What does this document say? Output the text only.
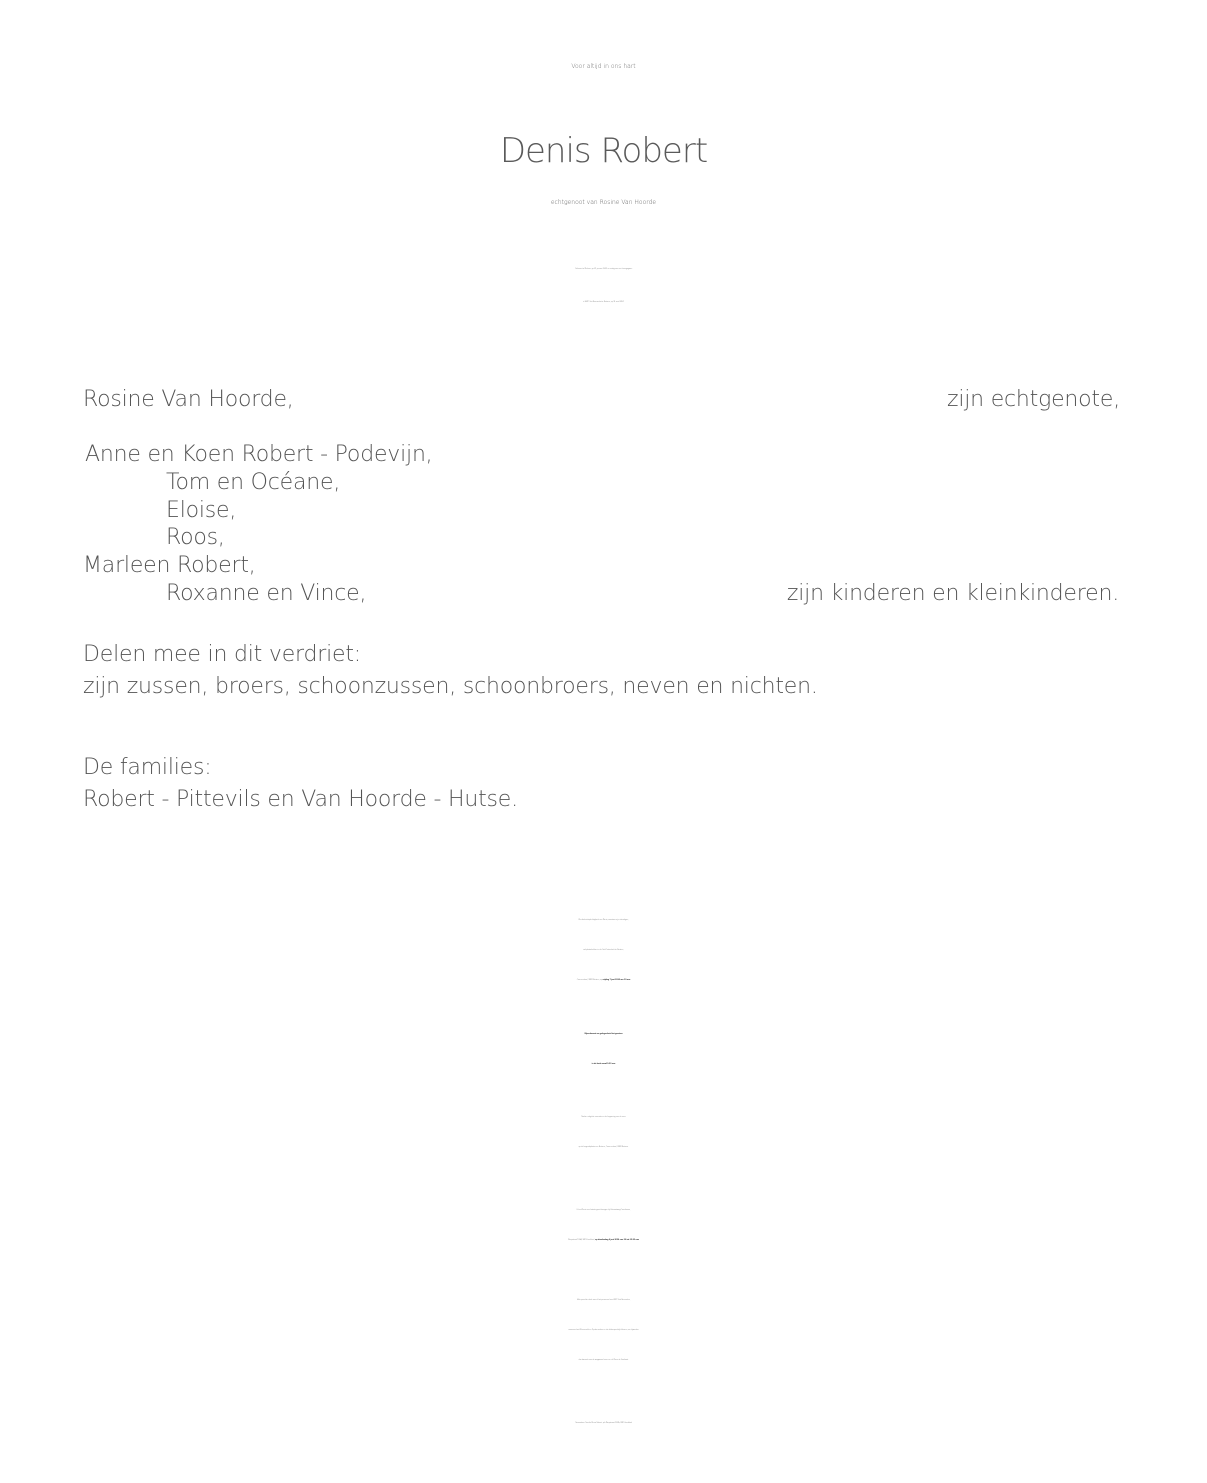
Voor altijd in ons hart
Denis Robert
echtgenoot van Rosine Van Hoorde
Geboren te Zichem, op 21 januari 1934 en rustig van ons heengegaan
in WZC Sint-Bernardus te Bertem, op 31 mei 2024.
Rosine Van Hoorde,	zijn echtgenote,
Anne en Koen Robert - Podevijn,
Tom en Océane,
Eloise,
Roos,
Marleen Robert,
Roxanne en Vince,	zijn kinderen en kleinkinderen.
Delen mee in dit verdriet:
zijn zussen, broers, schoonzussen, schoonbroers, neven en nichten.
De families:
Robert - Pittevils en Van Hoorde - Hutse.
De afscheidsplechtigheid van Denis, waartoe wij u uitnodigen,
zal plaatshebben in de Sint-Pieterskerk te Bertem,
Groenendaal, 3060 Bertem, op vrijdag 7 juni 2024 om 10 uur.
Bijeenkomst en gelegenheid tot groeten
in de kerk vanaf 9.30 uur.
Nadien volgt de crematie en de begraving van de urne
op de begraafplaats van Bertem, Groenendaal, 3060 Bertem.
U kan Denis een laatste groet brengen bij Uitvaartzorg Cromboom,
Dorpstraat 533A, 3061 Leefdaal, op donderdag 6 juni 2024 van 19 tot 19.30 uur.
Met oprechte dank aan al het personeel van WZC Sint-Bernardus,
wooneenheid Zonneveld en Eyckenmolen en de dokterspraktijk Verona, een bijzonder
dankwoord voor de zorgzame buren en dr. Docx uit Hoeilaart.
Rouwadres: Familie Denis Robert  p/a Dorpstraat 533A, 3061 Leefdaal
